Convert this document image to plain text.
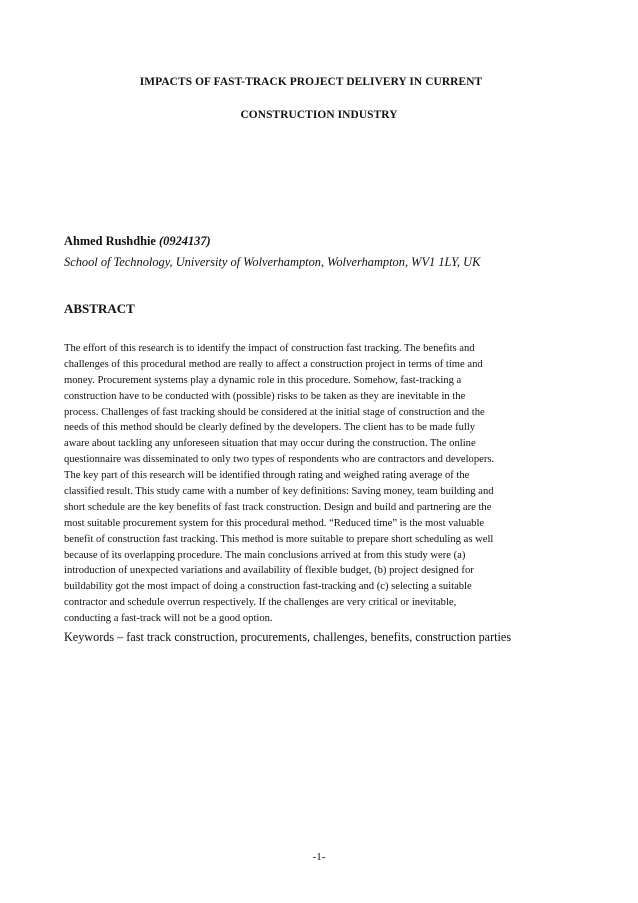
IMPACTS OF FAST-TRACK PROJECT DELIVERY IN CURRENT
CONSTRUCTION INDUSTRY
Ahmed Rushdhie (0924137)
School of Technology, University of Wolverhampton, Wolverhampton, WV1 1LY, UK
ABSTRACT
The effort of this research is to identify the impact of construction fast tracking. The benefits and
challenges of this procedural method are really to affect a construction project in terms of time and
money. Procurement systems play a dynamic role in this procedure. Somehow, fast-tracking a
construction have to be conducted with (possible) risks to be taken as they are inevitable in the
process. Challenges of fast tracking should be considered at the initial stage of construction and the
needs of this method should be clearly defined by the developers. The client has to be made fully
aware about tackling any unforeseen situation that may occur during the construction. The online
questionnaire was disseminated to only two types of respondents who are contractors and developers.
The key part of this research will be identified through rating and weighed rating average of the
classified result. This study came with a number of key definitions: Saving money, team building and
short schedule are the key benefits of fast track construction. Design and build and partnering are the
most suitable procurement system for this procedural method. “Reduced time” is the most valuable
benefit of construction fast tracking. This method is more suitable to prepare short scheduling as well
because of its overlapping procedure. The main conclusions arrived at from this study were (a)
introduction of unexpected variations and availability of flexible budget, (b) project designed for
buildability got the most impact of doing a construction fast-tracking and (c) selecting a suitable
contractor and schedule overrun respectively. If the challenges are very critical or inevitable,
conducting a fast-track will not be a good option.
Keywords – fast track construction, procurements, challenges, benefits, construction parties
-1-
